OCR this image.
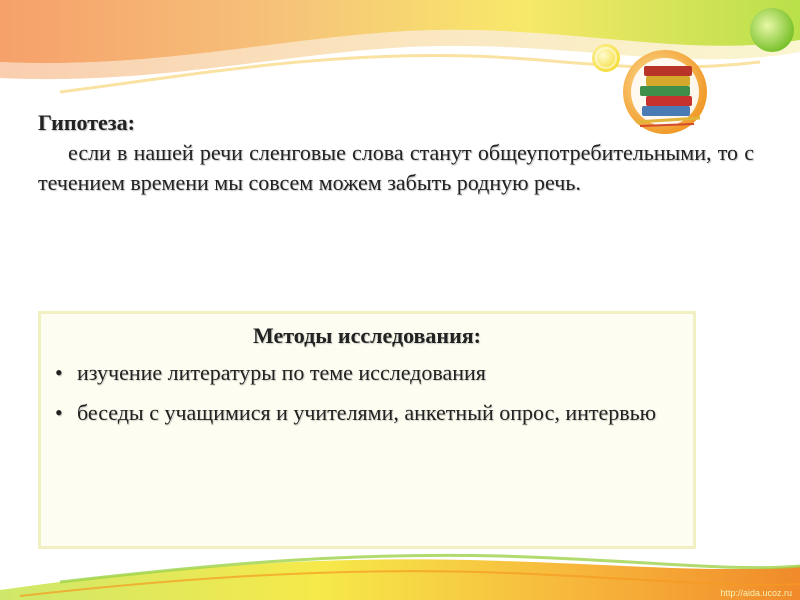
Гипотеза:

если в нашей речи сленговые слова станут общеупотребительными, то с течением времени мы совсем можем забыть родную речь.

Методы исследования:
• изучение литературы по теме исследования
• беседы с учащимися и учителями, анкетный опрос, интервью
http://aida.ucoz.ru
